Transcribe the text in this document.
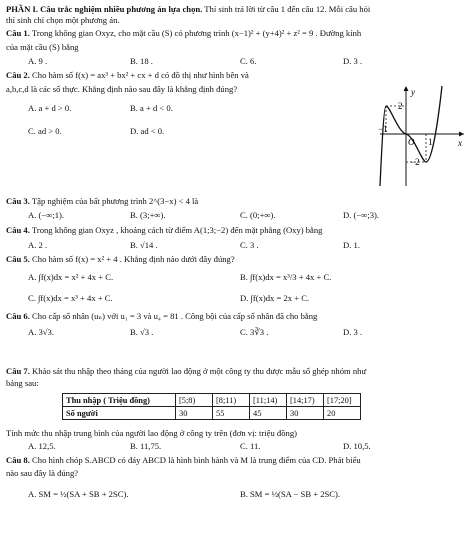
PHẦN I. Câu trắc nghiệm nhiều phương án lựa chọn. Thí sinh trả lời từ câu 1 đến câu 12. Mỗi câu hỏi
thí sinh chỉ chọn một phương án.
Câu 1. Trong không gian Oxyz, cho mặt cầu (S) có phương trình (x−1)² + (y+4)² + z² = 9 . Đường kính
của mặt cầu (S) bằng
A. 9 .	B. 18 .	C. 6.	D. 3 .
Câu 2. Cho hàm số f(x) = ax³ + bx² + cx + d có đồ thị như hình bên và
a,b,c,d là các số thực. Khẳng định nào sau đây là khẳng định đúng?
A. a + d > 0.	B. a + d < 0.
C. ad > 0.	D. ad < 0.
y
x
O
2
−2
−1
1
Câu 3. Tập nghiệm của bất phương trình 2^(3−x) < 4 là
A. (−∞;1).	B. (3;+∞).	C. (0;+∞).	D. (−∞;3).
Câu 4. Trong không gian Oxyz , khoảng cách từ điểm A(1;3;−2) đến mặt phẳng (Oxy) bằng
A. 2 .	B. √14 .	C. 3 .	D. 1.
Câu 5. Cho hàm số f(x) = x² + 4 . Khẳng định nào dưới đây đúng?
A. ∫f(x)dx = x² + 4x + C.	B. ∫f(x)dx = x³/3 + 4x + C.
C. ∫f(x)dx = x³ + 4x + C.	D. ∫f(x)dx = 2x + C.
Câu 6. Cho cấp số nhân (uₙ) với u₁ = 3 và u₄ = 81 . Công bội của cấp số nhân đã cho bằng
A. 3√3.	B. √3 .	C. 3∛3 .	D. 3 .
Câu 7. Khảo sát thu nhập theo tháng của người lao động ở một công ty thu được mẫu số ghép nhóm như
bảng sau:
Thu nhập ( Triệu đồng)	[5;8)	[8;11)	[11;14)	[14;17)	[17;20]
Số người	30	55	45	30	20
Tính mức thu nhập trung bình của người lao động ở công ty trên (đơn vị: triệu đồng)
A. 12,5.	B. 11,75.	C. 11.	D. 10,5.
Câu 8. Cho hình chóp S.ABCD có đáy ABCD là hình bình hành và M là trung điểm của CD. Phát biểu
nào sau đây là đúng?
A. SM = ½(SA + SB + 2SC).	B. SM = ½(SA − SB + 2SC).
